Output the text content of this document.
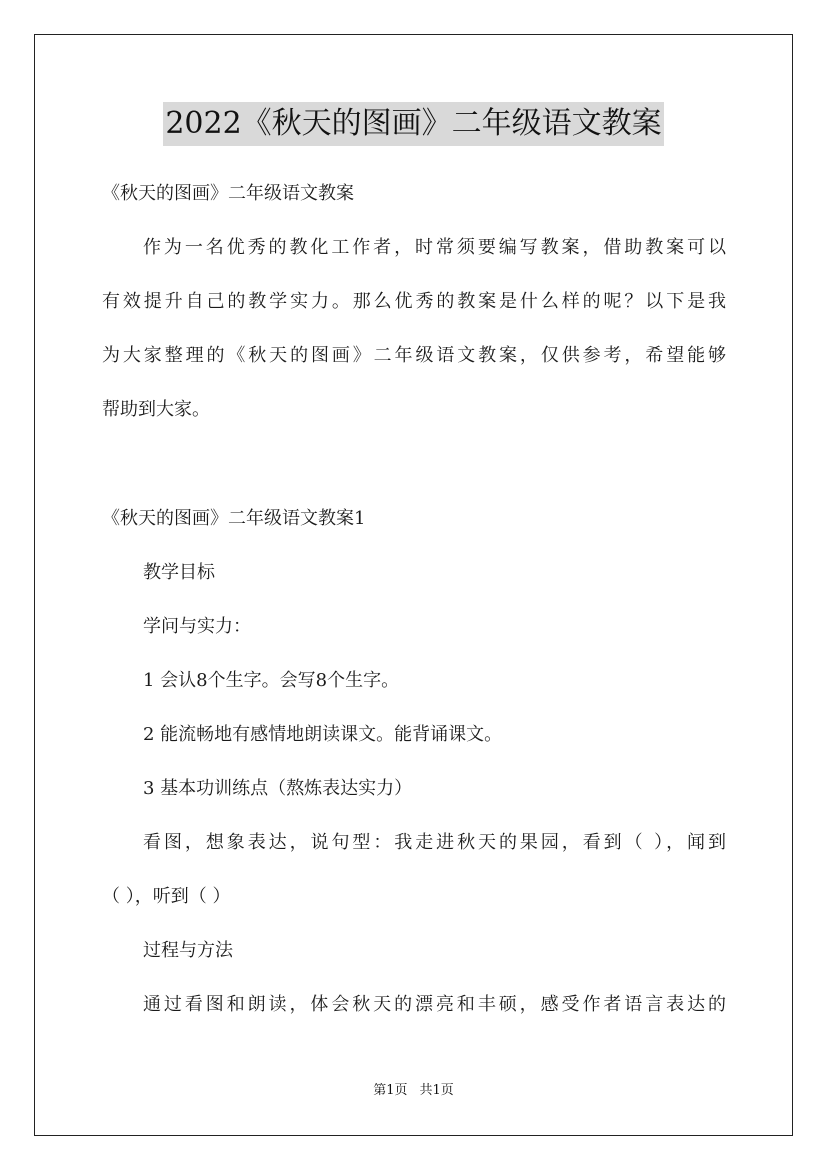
2022《秋天的图画》二年级语文教案
《秋天的图画》二年级语文教案
作为一名优秀的教化工作者，时常须要编写教案，借助教案可以
有效提升自己的教学实力。那么优秀的教案是什么样的呢？以下是我
为大家整理的《秋天的图画》二年级语文教案，仅供参考，希望能够
帮助到大家。
《秋天的图画》二年级语文教案1
教学目标
学问与实力：
1 会认8个生字。会写8个生字。
2 能流畅地有感情地朗读课文。能背诵课文。
3 基本功训练点（熬炼表达实力）
看图，想象表达，说句型：我走进秋天的果园，看到（ ），闻到
（ ），听到（ ）
过程与方法
通过看图和朗读，体会秋天的漂亮和丰硕，感受作者语言表达的
第1页 共1页
